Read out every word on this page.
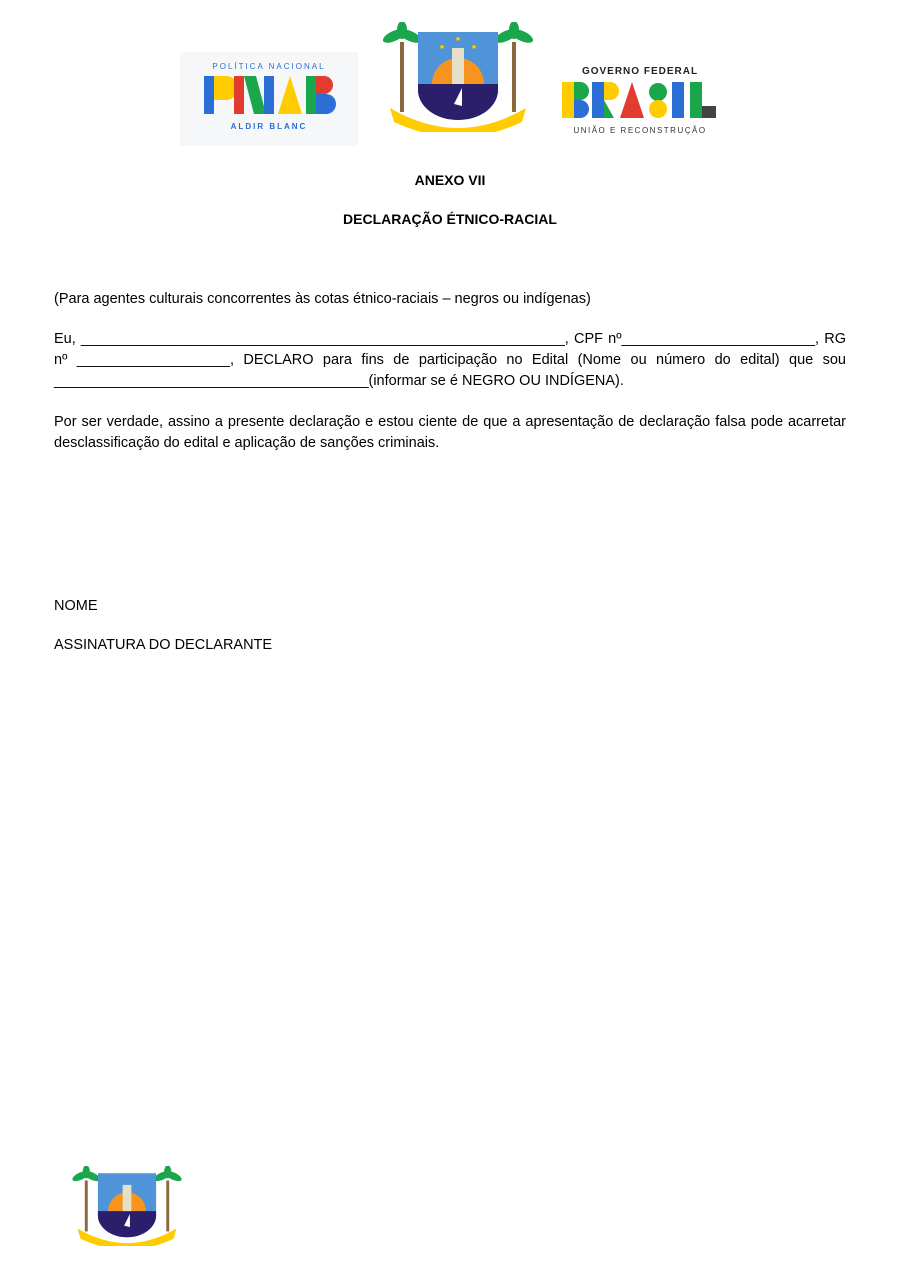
POLÍTICA NACIONAL
ALDIR BLANC
GOVERNO FEDERAL
UNIÃO E RECONSTRUÇÃO
ANEXO VII
DECLARAÇÃO ÉTNICO-RACIAL
(Para agentes culturais concorrentes às cotas étnico-raciais – negros ou indígenas)
Eu, ____________________________________________________________, CPF nº________________________, RG
nº ___________________, DECLARO para fins de participação no Edital (Nome ou número do edital) que sou
_______________________________________(informar se é NEGRO OU INDÍGENA).
Por ser verdade, assino a presente declaração e estou ciente de que a apresentação de declaração falsa pode acarretar desclassificação do edital e aplicação de sanções criminais.
NOME
ASSINATURA DO DECLARANTE
